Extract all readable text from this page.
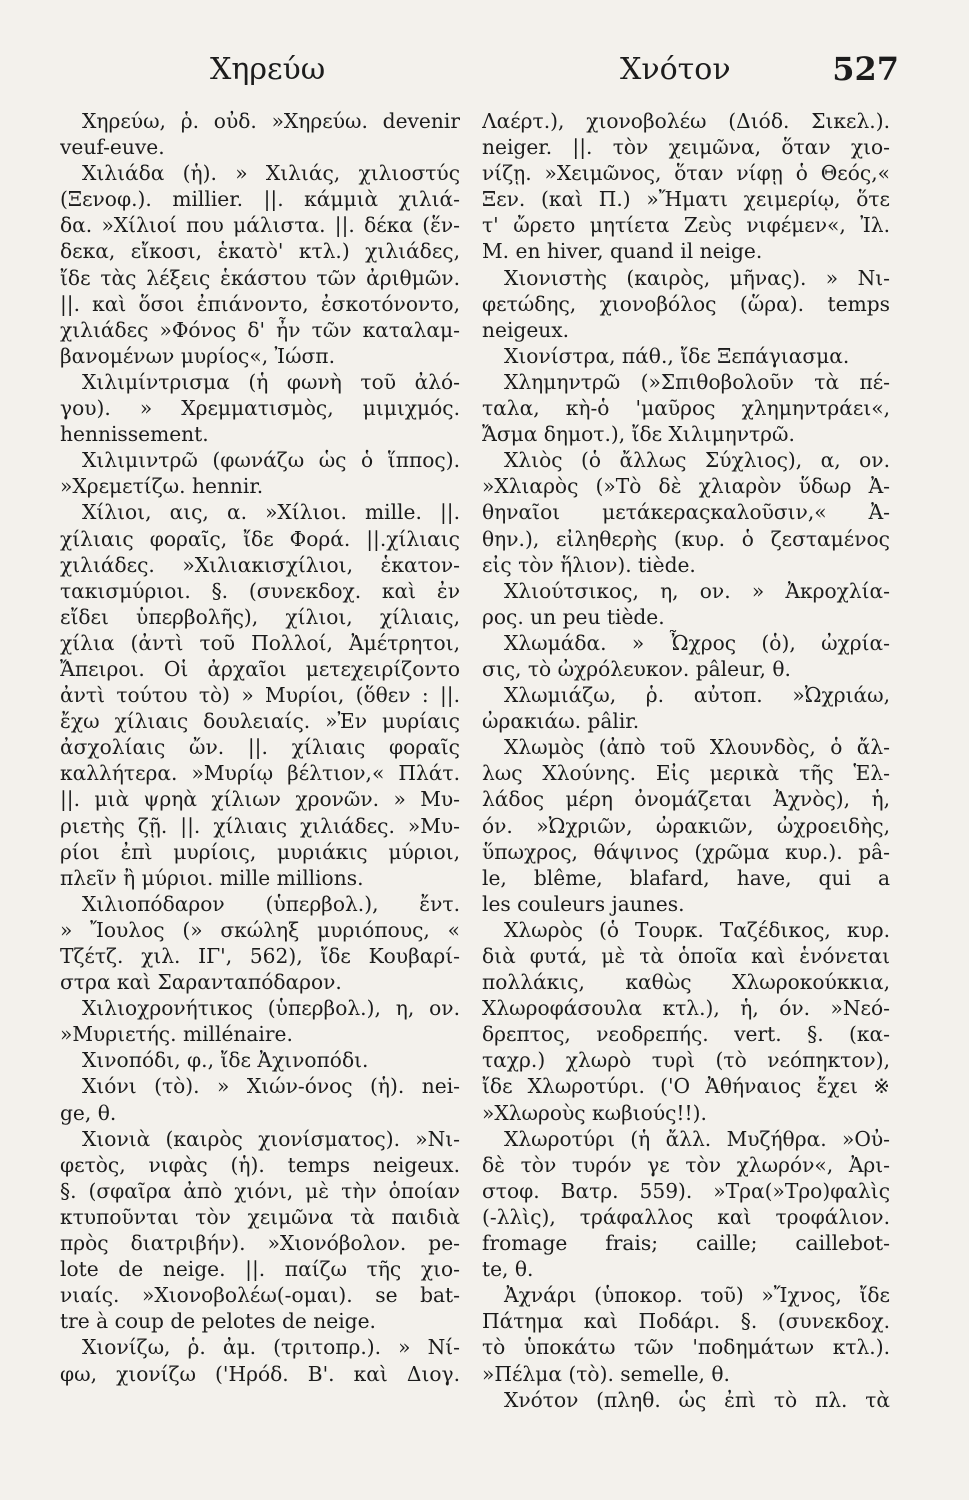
Χηρεύω	Χνότον	527
Χηρεύω, ῥ. οὐδ. »Χηρεύω. devenir
veuf-euve.
Χιλιάδα (ἡ). » Χιλιάς, χιλιοστύς
(Ξενοφ.). millier. ||. κάμμιὰ χιλιά-
δα. »Χίλιοί που μάλιστα. ||. δέκα (ἕν-
δεκα, εἴκοσι, ἑκατὸ' κτλ.) χιλιάδες,
ἴδε τὰς λέξεις ἑκάστου τῶν ἀριθμῶν.
||. καὶ ὅσοι ἐπιάνοντο, ἐσκοτόνοντο,
χιλιάδες »Φόνος δ' ἦν τῶν καταλαμ-
βανομένων μυρίος«, Ἰώσπ.
Χιλιμίντρισμα (ἡ φωνὴ τοῦ ἀλό-
γου). » Χρεμματισμὸς, μιμιχμός.
hennissement.
Χιλιμιντρῶ (φωνάζω ὡς ὁ ἵππος).
»Χρεμετίζω. hennir.
Χίλιοι, αις, α. »Χίλιοι. mille. ||.
χίλιαις φοραῖς, ἴδε Φορά. ||.χίλιαις
χιλιάδες. »Χιλιακισχίλιοι, ἑκατον-
τακισμύριοι. §. (συνεκδοχ. καὶ ἐν
εἴδει ὑπερβολῆς), χίλιοι, χίλιαις,
χίλια (ἀντὶ τοῦ Πολλοί, Ἀμέτρητοι,
Ἄπειροι. Οἱ ἀρχαῖοι μετεχειρίζοντο
ἀντὶ τούτου τὸ) » Μυρίοι, (ὅθεν : ||.
ἔχω χίλιαις δουλειαίς. »Ἐν μυρίαις
ἀσχολίαις ὤν. ||. χίλιαις φοραῖς
καλλήτερα. »Μυρίῳ βέλτιον,« Πλάτ.
||. μιὰ ψρηὰ χίλιων χρονῶν. » Μυ-
ριετὴς ζῇ. ||. χίλιαις χιλιάδες. »Μυ-
ρίοι ἐπὶ μυρίοις, μυριάκις μύριοι,
πλεῖν ἢ μύριοι. mille millions.
Χιλιοπόδαρον (ὑπερβολ.), ἔντ.
» Ἴουλος (» σκώληξ μυριόπους, «
Τζέτζ. χιλ. ΙΓ', 562), ἴδε Κουβαρί-
στρα καὶ Σαρανταπόδαρον.
Χιλιοχρονήτικος (ὑπερβολ.), η, ον.
»Μυριετής. millénaire.
Χινοπόδι, φ., ἴδε Ἀχινοπόδι.
Χιόνι (τὸ). » Χιών-όνος (ἡ). nei-
ge, θ.
Χιονιὰ (καιρὸς χιονίσματος). »Νι-
φετὸς, νιφὰς (ἡ). temps neigeux.
§. (σφαῖρα ἀπὸ χιόνι, μὲ τὴν ὁποίαν
κτυποῦνται τὸν χειμῶνα τὰ παιδιὰ
πρὸς διατριβήν). »Χιονόβολον. pe-
lote de neige. ||. παίζω τῆς χιο-
νιαίς. »Χιονοβολέω(-ομαι). se bat-
tre à coup de pelotes de neige.
Χιονίζω, ῥ. ἀμ. (τριτοπρ.). » Νί-
φω, χιονίζω ('Ηρόδ. Β'. καὶ Διογ.
Λαέρτ.), χιονοβολέω (Διόδ. Σικελ.).
neiger. ||. τὸν χειμῶνα, ὅταν χιο-
νίζῃ. »Χειμῶνος, ὅταν νίφῃ ὁ Θεός,«
Ξεν. (καὶ Π.) »Ἤματι χειμερίῳ, ὅτε
τ' ὤρετο μητίετα Ζεὺς νιφέμεν«, Ἰλ.
Μ. en hiver, quand il neige.
Χιονιστὴς (καιρὸς, μῆνας). » Νι-
φετώδης, χιονοβόλος (ὥρα). temps
neigeux.
Χιονίστρα, πάθ., ἴδε Ξεπάγιασμα.
Χλημηντρῶ (»Σπιθοβολοῦν τὰ πέ-
ταλα, κὴ-ὁ 'μαῦρος χλημηντράει«,
Ἄσμα δημοτ.), ἴδε Χιλιμηντρῶ.
Χλιὸς (ὁ ἄλλως Σύχλιος), α, ον.
»Χλιαρὸς (»Τὸ δὲ χλιαρὸν ὕδωρ Ἀ-
θηναῖοι μετάκεραςκαλοῦσιν,« Ἀ-
θην.), εἰληθερὴς (κυρ. ὁ ζεσταμένος
εἰς τὸν ἥλιον). tiède.
Χλιούτσικος, η, ον. » Ἀκροχλία-
ρος. un peu tiède.
Χλωμάδα. » Ὦχρος (ὁ), ὠχρία-
σις, τὸ ὠχρόλευκον. pâleur, θ.
Χλωμιάζω, ῥ. αὐτοπ. »Ὠχριάω,
ὠρακιάω. pâlir.
Χλωμὸς (ἀπὸ τοῦ Χλουνδὸς, ὁ ἄλ-
λως Χλούνης. Εἰς μερικὰ τῆς Ἑλ-
λάδος μέρη ὀνομάζεται Ἀχνὸς), ἡ,
όν. »Ὠχριῶν, ὠρακιῶν, ὠχροειδὴς,
ὕπωχρος, θάψινος (χρῶμα κυρ.). pâ-
le, blême, blafard, have, qui a
les couleurs jaunes.
Χλωρὸς (ὁ Τουρκ. Ταζέδικος, κυρ.
διὰ φυτά, μὲ τὰ ὁποῖα καὶ ἑνόνεται
πολλάκις, καθὼς Χλωροκούκκια,
Χλωροφάσουλα κτλ.), ἡ, όν. »Νεό-
δρεπτος, νεοδρεπής. vert. §. (κα-
ταχρ.) χλωρὸ τυρὶ (τὸ νεόπηκτον),
ἴδε Χλωροτύρι. ('Ο Ἀθήναιος ἔχει ※
»Χλωροὺς κωβιούς!!).
Χλωροτύρι (ἡ ἄλλ. Μυζήθρα. »Οὐ-
δὲ τὸν τυρόν γε τὸν χλωρόν«, Ἀρι-
στοφ. Βατρ. 559). »Τρα(»Τρο)φαλὶς
(-λλὶς), τράφαλλος καὶ τροφάλιον.
fromage frais; caille; caillebot-
te, θ.
Ἀχνάρι (ὑποκορ. τοῦ) »Ἴχνος, ἴδε
Πάτημα καὶ Ποδάρι. §. (συνεκδοχ.
τὸ ὑποκάτω τῶν 'ποδημάτων κτλ.).
»Πέλμα (τὸ). semelle, θ.
Χνότον (πληθ. ὡς ἐπὶ τὸ πλ. τὰ
